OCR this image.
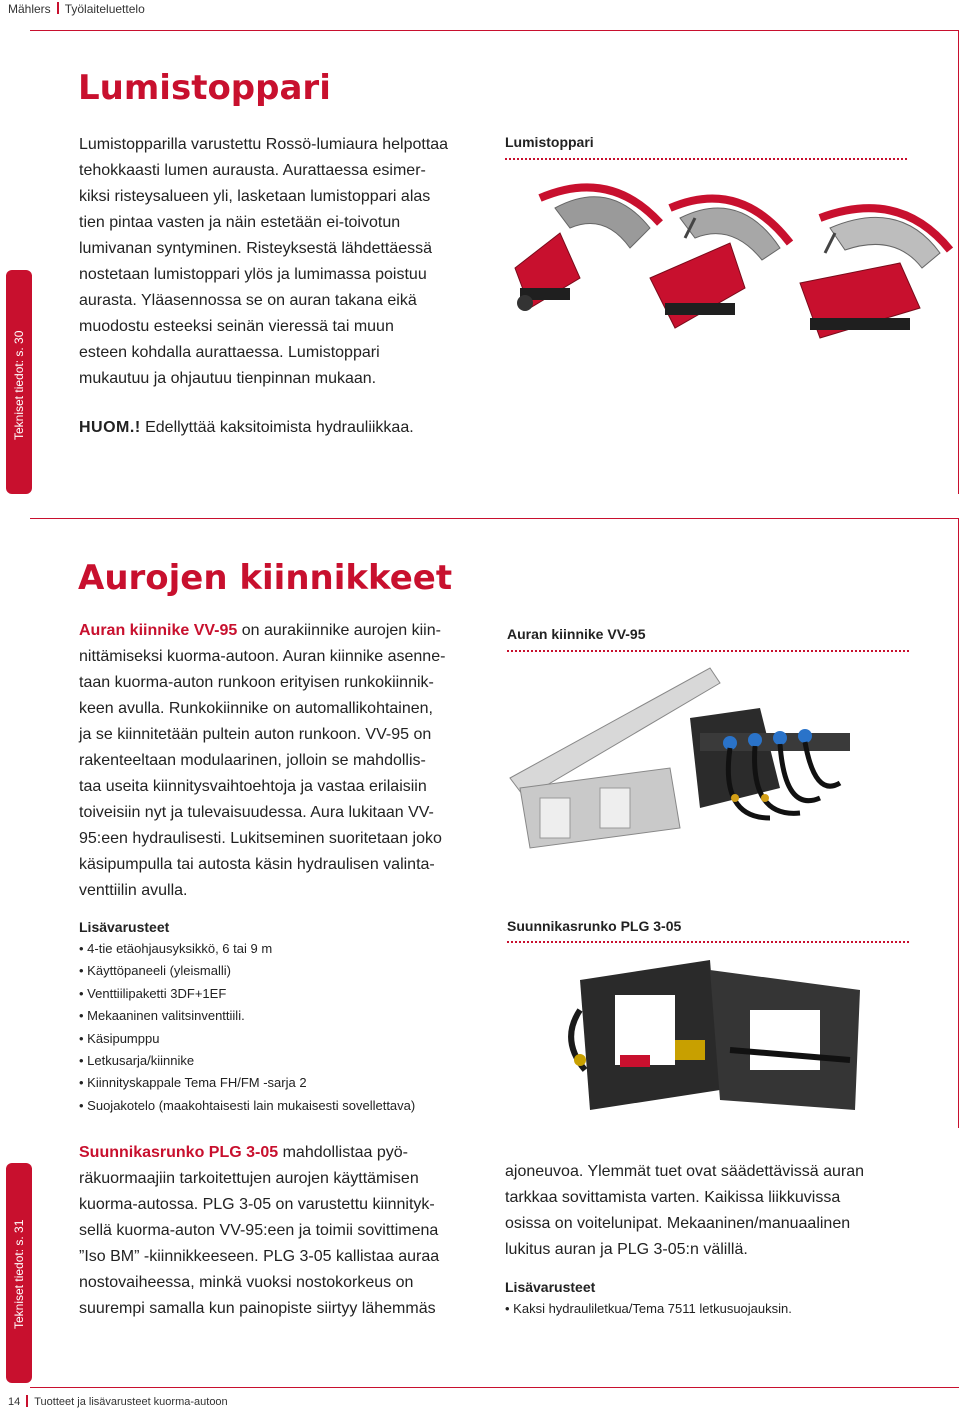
Mählers Työlaiteluettelo
Tekniset tiedot: s. 30
Lumistoppari
Lumistopparilla varustettu Rossö-lumiaura helpottaa
tehokkaasti lumen aurausta. Aurattaessa esimer-
kiksi risteysalueen yli, lasketaan lumistoppari alas
tien pintaa vasten ja näin estetään ei-toivotun
lumivanan syntyminen. Risteyksestä lähdettäessä
nostetaan lumistoppari ylös ja lumimassa poistuu
aurasta. Yläasennossa se on auran takana eikä
muodostu esteeksi seinän vieressä tai muun
esteen kohdalla aurattaessa. Lumistoppari
mukautuu ja ohjautuu tienpinnan mukaan.
HUOM.! Edellyttää kaksitoimista hydrauliikkaa.
Lumistoppari
Aurojen kiinnikkeet
Auran kiinnike VV-95 on aurakiinnike aurojen kiin-
nittämiseksi kuorma-autoon. Auran kiinnike asenne-
taan kuorma-auton runkoon erityisen runkokiinnik-
keen avulla. Runkokiinnike on automallikohtainen,
ja se kiinnitetään pultein auton runkoon. VV-95 on
rakenteeltaan modulaarinen, jolloin se mahdollis-
taa useita kiinnitysvaihtoehtoja ja vastaa erilaisiin
toiveisiin nyt ja tulevaisuudessa. Aura lukitaan VV-
95:een hydraulisesti. Lukitseminen suoritetaan joko
käsipumpulla tai autosta käsin hydraulisen valinta-
venttiilin avulla.
Auran kiinnike VV-95
Lisävarusteet
• 4-tie etäohjausyksikkö, 6 tai 9 m
• Käyttöpaneeli (yleismalli)
• Venttiilipaketti 3DF+1EF
• Mekaaninen valitsinventtiili.
• Käsipumppu
• Letkusarja/kiinnike
• Kiinnityskappale Tema FH/FM -sarja 2
• Suojakotelo (maakohtaisesti lain mukaisesti sovellettava)
Suunnikasrunko PLG 3-05
Tekniset tiedot: s. 31
Suunnikasrunko PLG 3-05 mahdollistaa pyö-
räkuormaajiin tarkoitettujen aurojen käyttämisen
kuorma-autossa. PLG 3-05 on varustettu kiinnityk-
sellä kuorma-auton VV-95:een ja toimii sovittimena
”Iso BM” -kiinnikkeeseen. PLG 3-05 kallistaa auraa
nostovaiheessa, minkä vuoksi nostokorkeus on
suurempi samalla kun painopiste siirtyy lähemmäs
ajoneuvoa. Ylemmät tuet ovat säädettävissä auran
tarkkaa sovittamista varten. Kaikissa liikkuvissa
osissa on voitelunipat. Mekaaninen/manuaalinen
lukitus auran ja PLG 3-05:n välillä.
Lisävarusteet
• Kaksi hydrauliletkua/Tema 7511 letkusuojauksin.
14 Tuotteet ja lisävarusteet kuorma-autoon
